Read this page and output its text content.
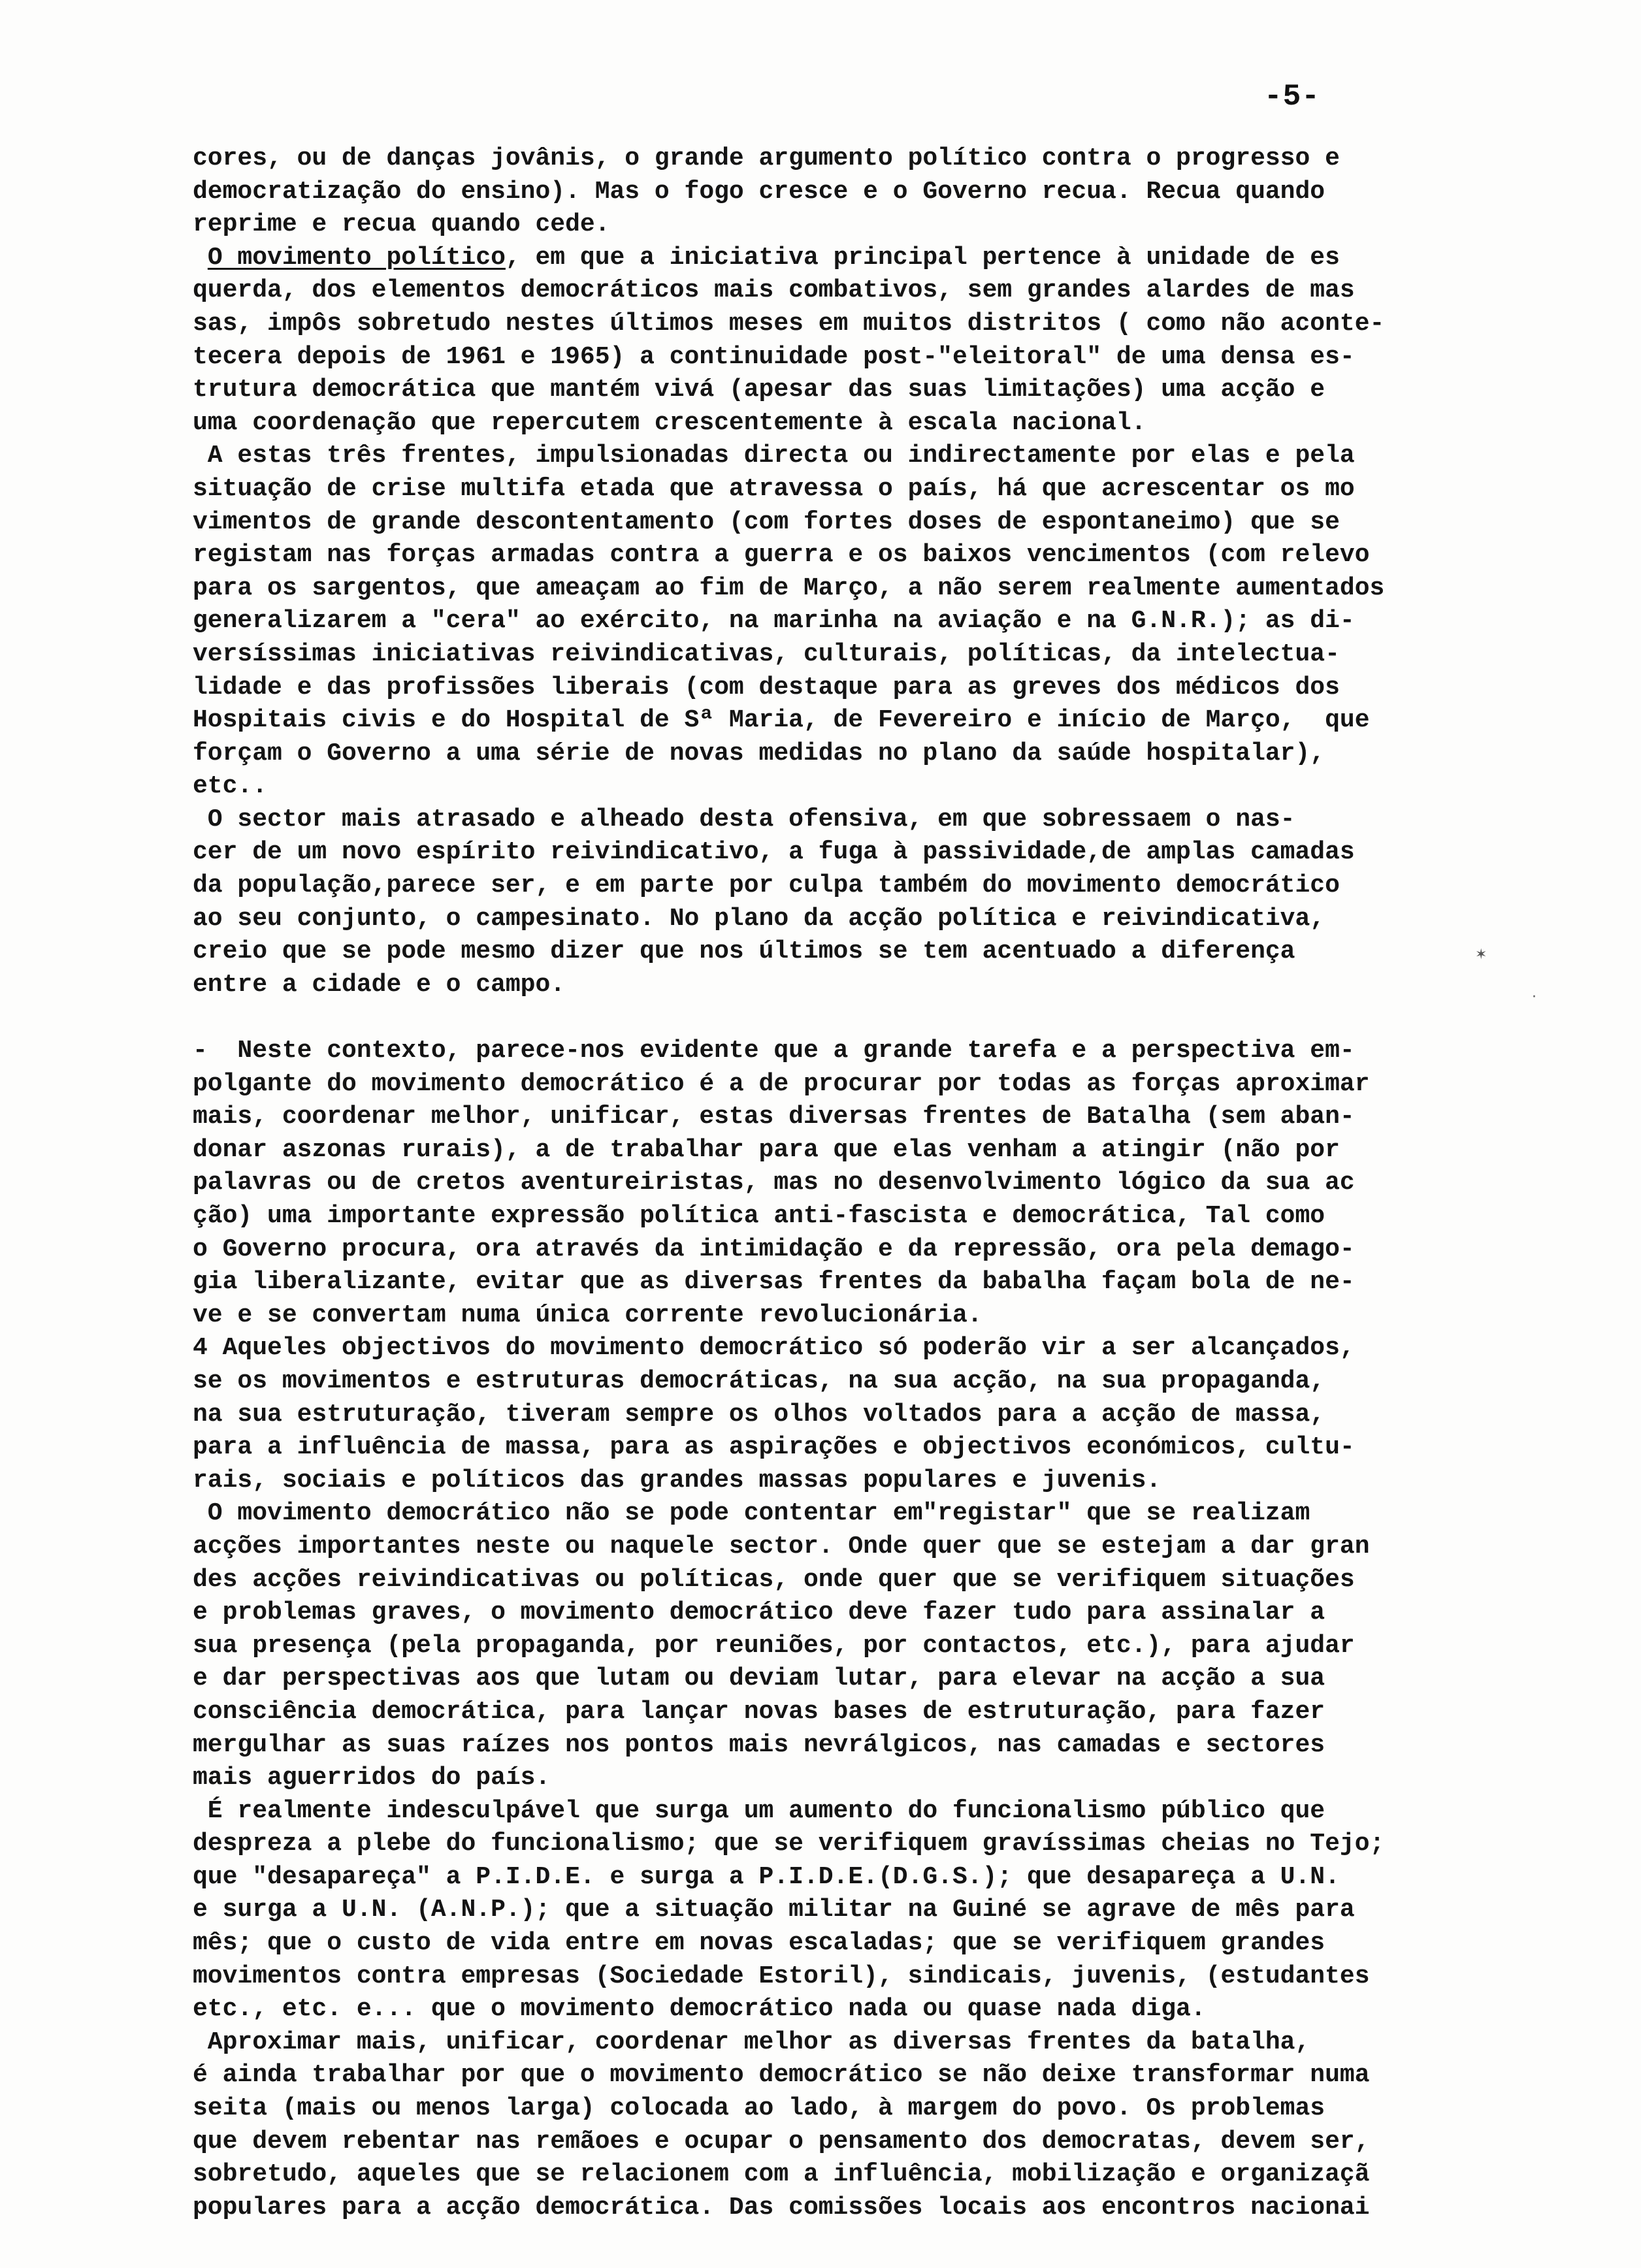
-5-
✶
·
cores, ou de danças jovânis, o grande argumento político contra o progresso e
democratização do ensino). Mas o fogo cresce e o Governo recua. Recua quando
reprime e recua quando cede.
O movimento político, em que a iniciativa principal pertence à unidade de es
querda, dos elementos democráticos mais combativos, sem grandes alardes de mas
sas, impôs sobretudo nestes últimos meses em muitos distritos ( como não aconte-
tecera depois de 1961 e 1965) a continuidade post-"eleitoral" de uma densa es-
trutura democrática que mantém vivá (apesar das suas limitações) uma acção e
uma coordenação que repercutem crescentemente à escala nacional.
A estas três frentes, impulsionadas directa ou indirectamente por elas e pela
situação de crise multifa etada que atravessa o país, há que acrescentar os mo
vimentos de grande descontentamento (com fortes doses de espontaneimo) que se
registam nas forças armadas contra a guerra e os baixos vencimentos (com relevo
para os sargentos, que ameaçam ao fim de Março, a não serem realmente aumentados
generalizarem a "cera" ao exército, na marinha na aviação e na G.N.R.); as di-
versíssimas iniciativas reivindicativas, culturais, políticas, da intelectua-
lidade e das profissões liberais (com destaque para as greves dos médicos dos
Hospitais civis e do Hospital de Sª Maria, de Fevereiro e início de Março,  que
forçam o Governo a uma série de novas medidas no plano da saúde hospitalar),
etc..
O sector mais atrasado e alheado desta ofensiva, em que sobressaem o nas-
cer de um novo espírito reivindicativo, a fuga à passividade,de amplas camadas
da população,parece ser, e em parte por culpa também do movimento democrático
ao seu conjunto, o campesinato. No plano da acção política e reivindicativa,
creio que se pode mesmo dizer que nos últimos se tem acentuado a diferença
entre a cidade e o campo.
-  Neste contexto, parece-nos evidente que a grande tarefa e a perspectiva em-
polgante do movimento democrático é a de procurar por todas as forças aproximar
mais, coordenar melhor, unificar, estas diversas frentes de Batalha (sem aban-
donar aszonas rurais), a de trabalhar para que elas venham a atingir (não por
palavras ou de cretos aventureiristas, mas no desenvolvimento lógico da sua ac
ção) uma importante expressão política anti-fascista e democrática, Tal como
o Governo procura, ora através da intimidação e da repressão, ora pela demago-
gia liberalizante, evitar que as diversas frentes da babalha façam bola de ne-
ve e se convertam numa única corrente revolucionária.
4 Aqueles objectivos do movimento democrático só poderão vir a ser alcançados,
se os movimentos e estruturas democráticas, na sua acção, na sua propaganda,
na sua estruturação, tiveram sempre os olhos voltados para a acção de massa,
para a influência de massa, para as aspirações e objectivos económicos, cultu-
rais, sociais e políticos das grandes massas populares e juvenis.
O movimento democrático não se pode contentar em"registar" que se realizam
acções importantes neste ou naquele sector. Onde quer que se estejam a dar gran
des acções reivindicativas ou políticas, onde quer que se verifiquem situações
e problemas graves, o movimento democrático deve fazer tudo para assinalar a
sua presença (pela propaganda, por reuniões, por contactos, etc.), para ajudar
e dar perspectivas aos que lutam ou deviam lutar, para elevar na acção a sua
consciência democrática, para lançar novas bases de estruturação, para fazer
mergulhar as suas raízes nos pontos mais nevrálgicos, nas camadas e sectores
mais aguerridos do país.
É realmente indesculpável que surga um aumento do funcionalismo público que
despreza a plebe do funcionalismo; que se verifiquem gravíssimas cheias no Tejo;
que "desapareça" a P.I.D.E. e surga a P.I.D.E.(D.G.S.); que desapareça a U.N.
e surga a U.N. (A.N.P.); que a situação militar na Guiné se agrave de mês para
mês; que o custo de vida entre em novas escaladas; que se verifiquem grandes
movimentos contra empresas (Sociedade Estoril), sindicais, juvenis, (estudantes
etc., etc. e... que o movimento democrático nada ou quase nada diga.
Aproximar mais, unificar, coordenar melhor as diversas frentes da batalha,
é ainda trabalhar por que o movimento democrático se não deixe transformar numa
seita (mais ou menos larga) colocada ao lado, à margem do povo. Os problemas
que devem rebentar nas remãoes e ocupar o pensamento dos democratas, devem ser,
sobretudo, aqueles que se relacionem com a influência, mobilização e organizaçã
populares para a acção democrática. Das comissões locais aos encontros nacionai
